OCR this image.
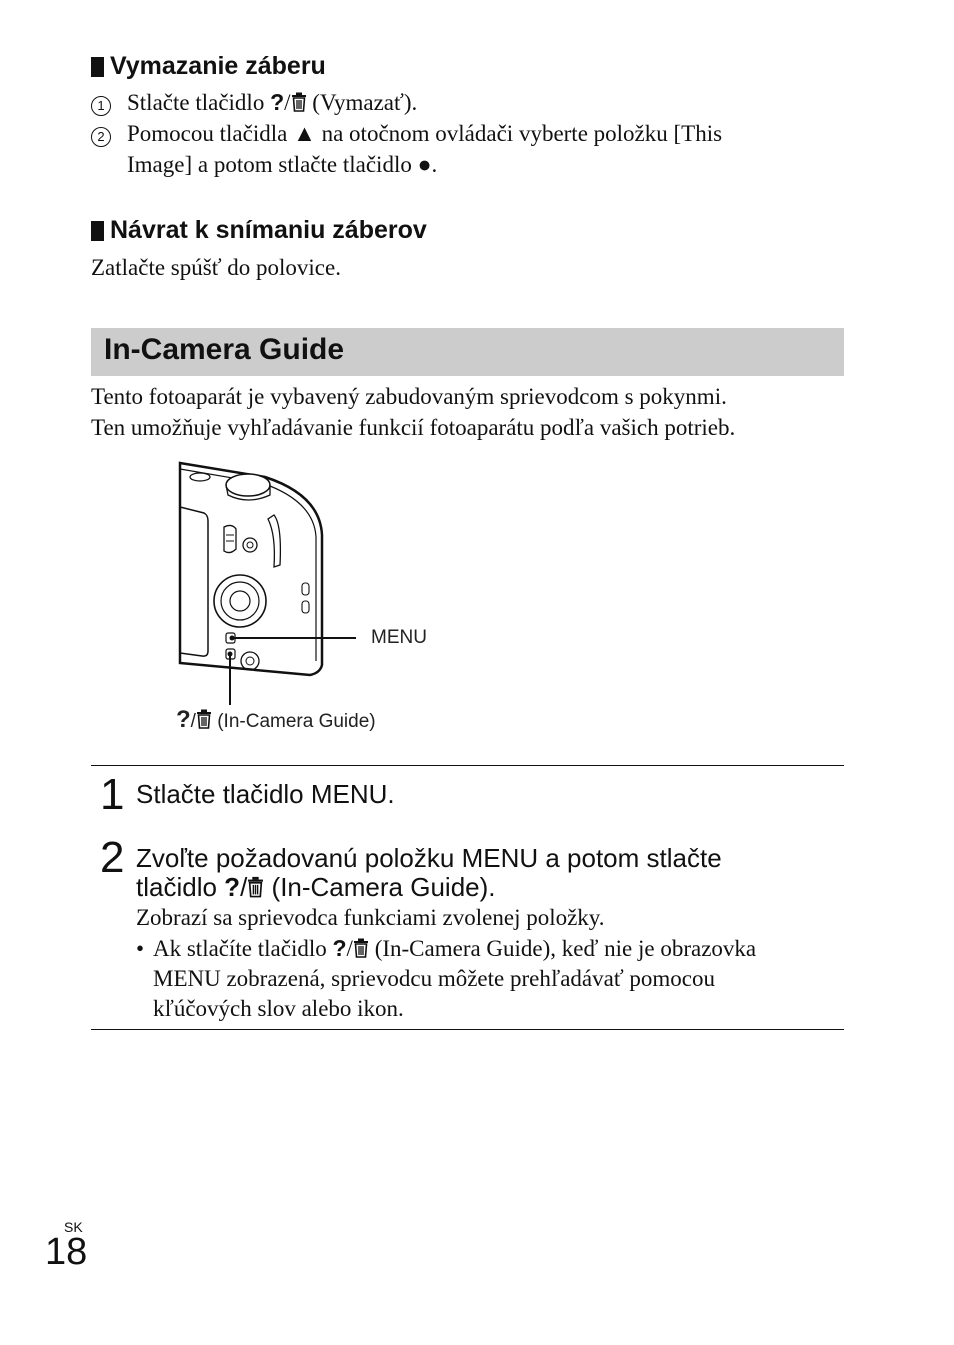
Vymazanie záberu
1 Stlačte tlačidlo ?/ (Vymazať).
2 Pomocou tlačidla ▲ na otočnom ovládači vyberte položku [This
Image] a potom stlačte tlačidlo ●.
Návrat k snímaniu záberov
Zatlačte spúšť do polovice.
In-Camera Guide
Tento fotoaparát je vybavený zabudovaným sprievodcom s pokynmi.
Ten umožňuje vyhľadávanie funkcií fotoaparátu podľa vašich potrieb.
MENU
?/ (In-Camera Guide)
1 Stlačte tlačidlo MENU.
2 Zvoľte požadovanú položku MENU a potom stlačte
tlačidlo ?/ (In-Camera Guide).
Zobrazí sa sprievodca funkciami zvolenej položky.
• Ak stlačíte tlačidlo ?/ (In-Camera Guide), keď nie je obrazovka
MENU zobrazená, sprievodcu môžete prehľadávať pomocou
kľúčových slov alebo ikon.
SK
18
